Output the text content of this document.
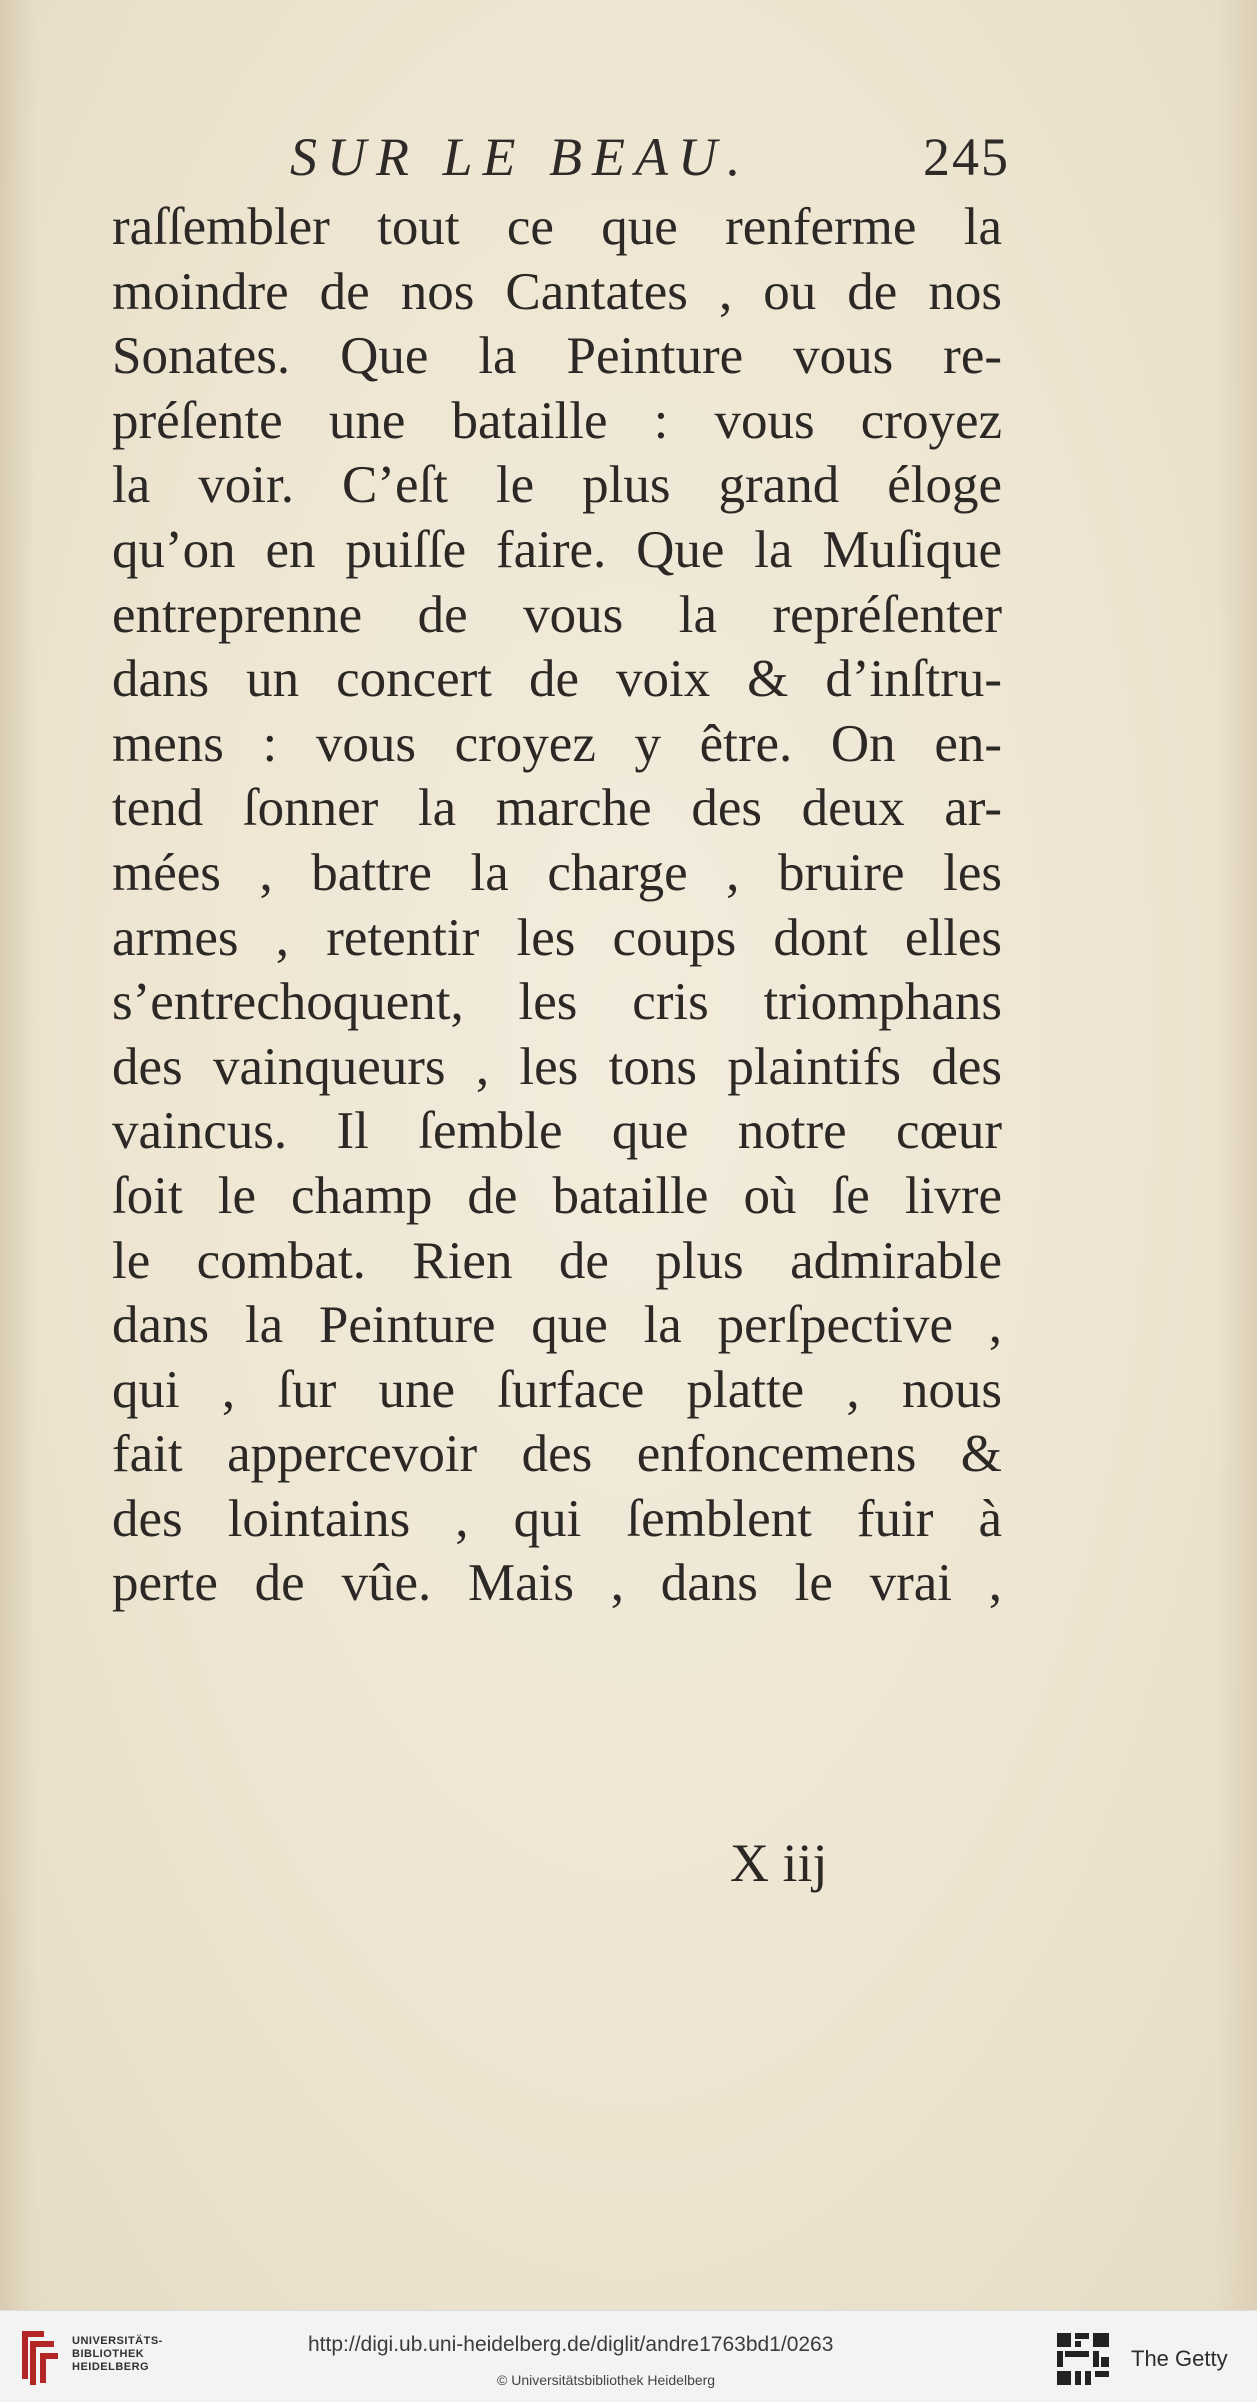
SUR LE BEAU.	245
raſſembler tout ce que renferme la
moindre de nos Cantates , ou de nos
Sonates. Que la Peinture vous re-
préſente une bataille : vous croyez
la voir. C’eſt le plus grand éloge
qu’on en puiſſe faire. Que la Muſique
entreprenne de vous la repréſenter
dans un concert de voix & d’inſtru-
mens : vous croyez y être. On en-
tend ſonner la marche des deux ar-
mées , battre la charge , bruire les
armes , retentir les coups dont elles
s’entrechoquent, les cris triomphans
des vainqueurs , les tons plaintifs des
vaincus. Il ſemble que notre cœur
ſoit le champ de bataille où ſe livre
le combat. Rien de plus admirable
dans la Peinture que la perſpective ,
qui , ſur une ſurface platte , nous
fait appercevoir des enfoncemens &
des lointains , qui ſemblent fuir à
perte de vûe. Mais , dans le vrai ,
X iij
UNIVERSITÄTS-
BIBLIOTHEK
HEIDELBERG
http://digi.ub.uni-heidelberg.de/diglit/andre1763bd1/0263
© Universitätsbibliothek Heidelberg
The Getty
